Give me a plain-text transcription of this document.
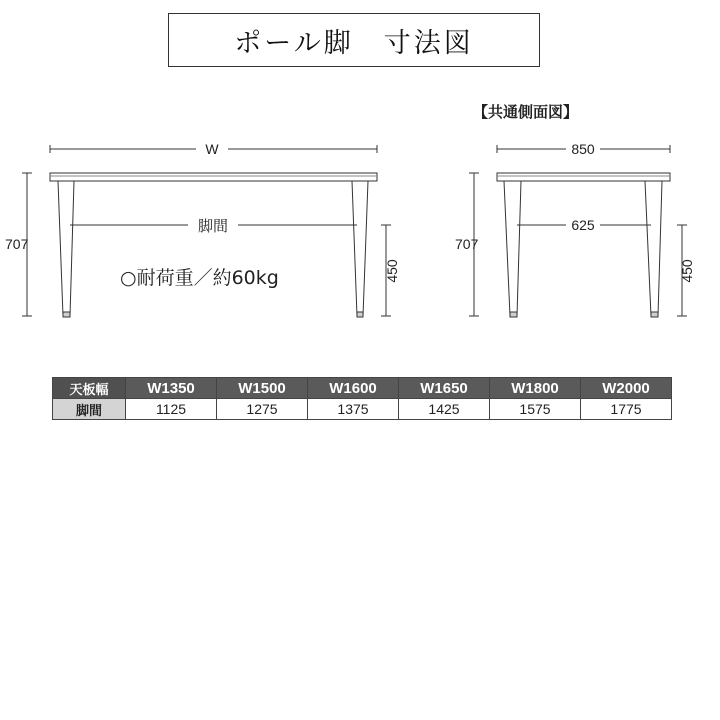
ポール脚　寸法図
【共通側面図】
W
脚間
707
450
○耐荷重／約60kg
850
625
707
450
天板幅	W1350	W1500	W1600	W1650	W1800	W2000
脚間	1125	1275	1375	1425	1575	1775
